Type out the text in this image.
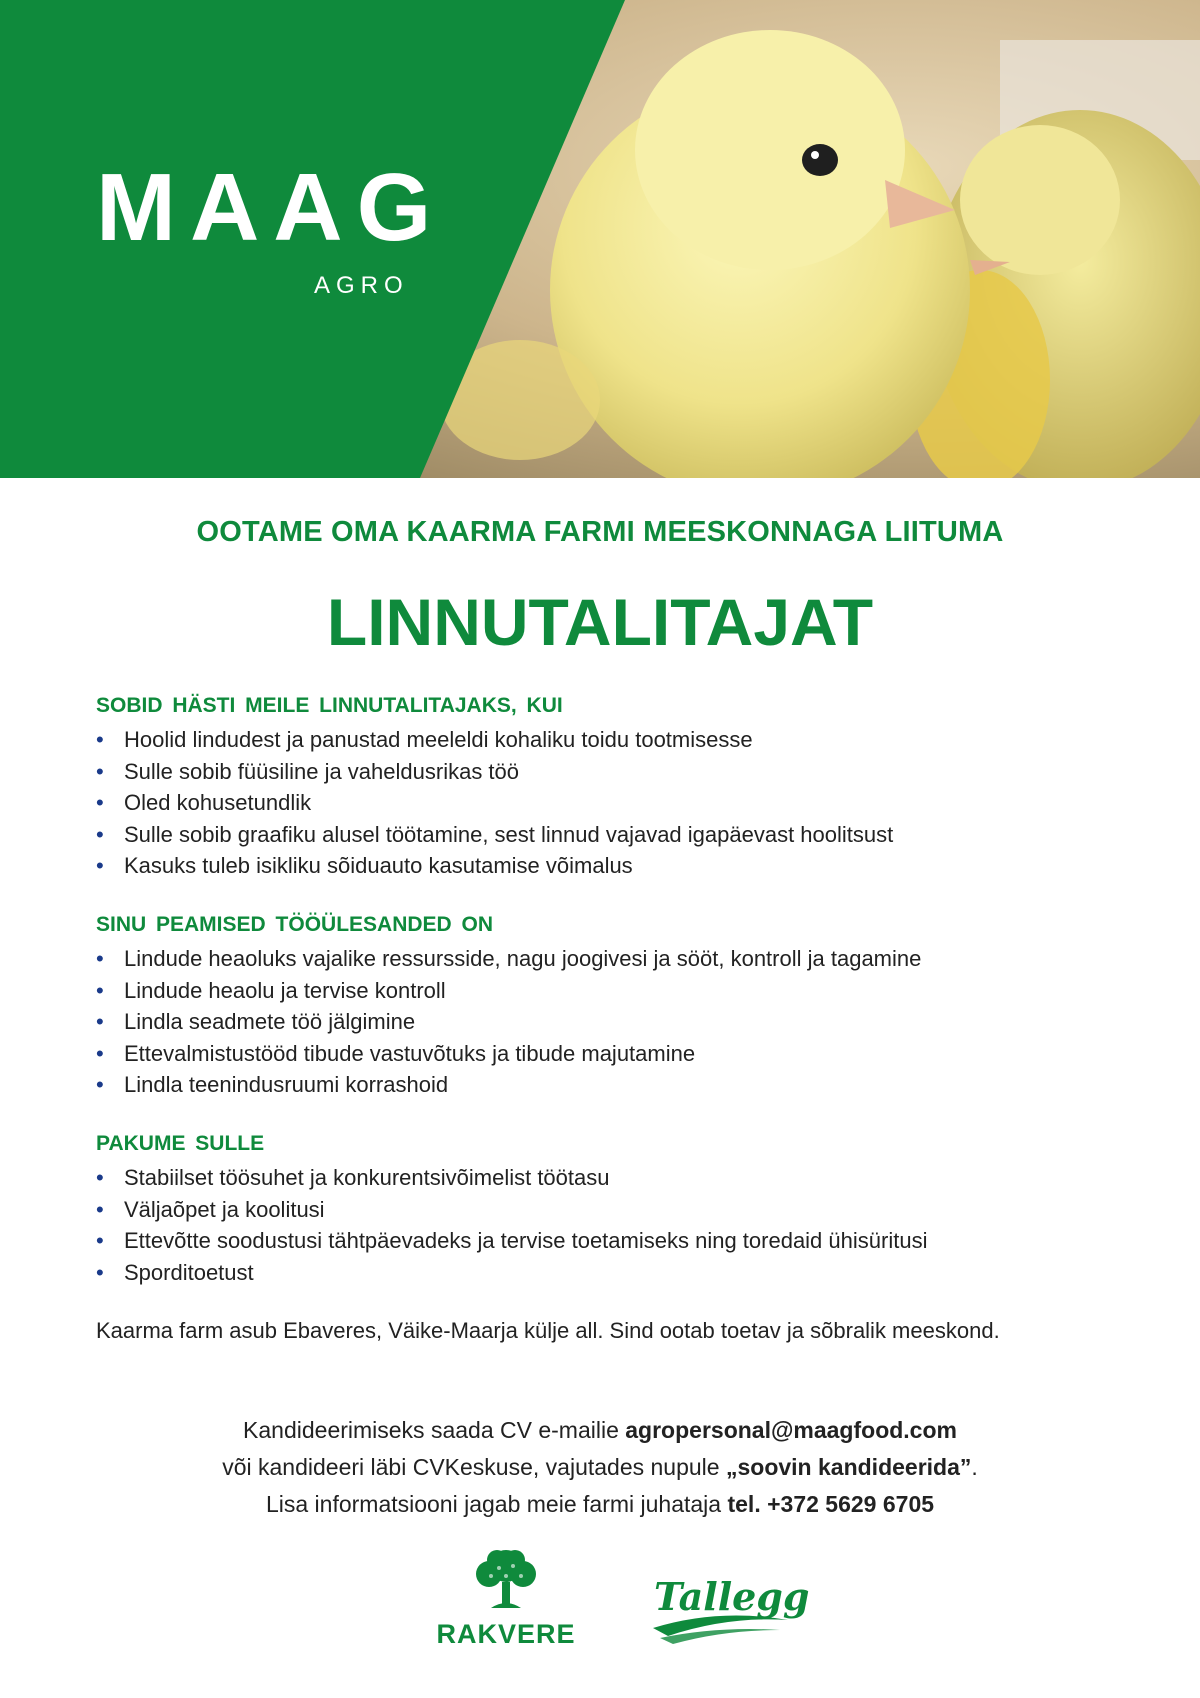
MAAG
AGRO
OOTAME OMA KAARMA FARMI MEESKONNAGA LIITUMA
LINNUTALITAJAT
SOBID HÄSTI MEILE LINNUTALITAJAKS, KUI
• Hoolid lindudest ja panustad meeleldi kohaliku toidu tootmisesse
• Sulle sobib füüsiline ja vaheldusrikas töö
• Oled kohusetundlik
• Sulle sobib graafiku alusel töötamine, sest linnud vajavad igapäevast hoolitsust
• Kasuks tuleb isikliku sõiduauto kasutamise võimalus
SINU PEAMISED TÖÖÜLESANDED ON
• Lindude heaoluks vajalike ressursside, nagu joogivesi ja sööt, kontroll ja tagamine
• Lindude heaolu ja tervise kontroll
• Lindla seadmete töö jälgimine
• Ettevalmistustööd tibude vastuvõtuks ja tibude majutamine
• Lindla teenindusruumi korrashoid
PAKUME SULLE
• Stabiilset töösuhet ja konkurentsivõimelist töötasu
• Väljaõpet ja koolitusi
• Ettevõtte soodustusi tähtpäevadeks ja tervise toetamiseks ning toredaid ühisüritusi
• Sporditoetust
Kaarma farm asub Ebaveres, Väike-Maarja külje all. Sind ootab toetav ja sõbralik meeskond.
Kandideerimiseks saada CV e-mailie agropersonal@maagfood.com
või kandideeri läbi CVKeskuse, vajutades nupule „soovin kandideerida”.
Lisa informatsiooni jagab meie farmi juhataja tel. +372 5629 6705
RAKVERE
Tallegg
